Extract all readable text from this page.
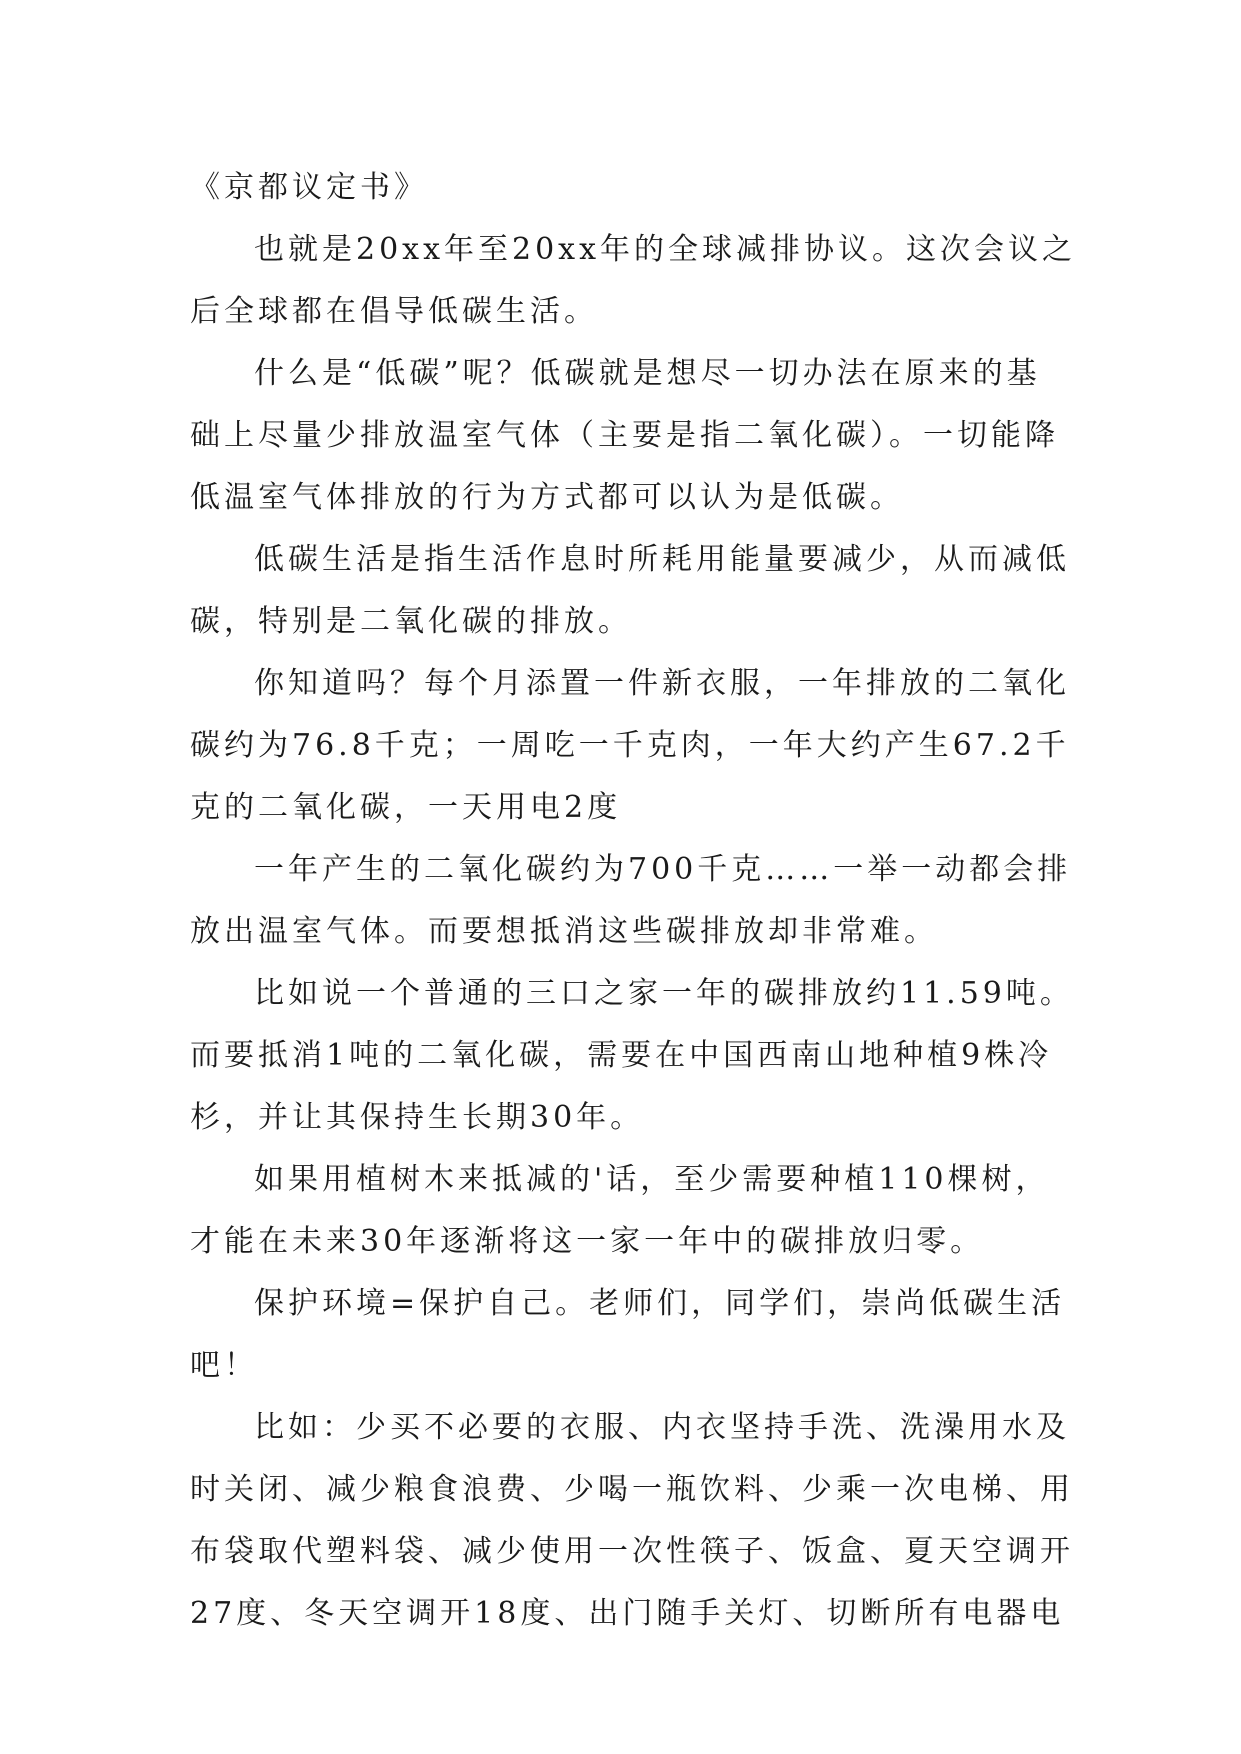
《京都议定书》
也就是20xx年至20xx年的全球减排协议。这次会议之
后全球都在倡导低碳生活。
什么是“低碳”呢？低碳就是想尽一切办法在原来的基
础上尽量少排放温室气体（主要是指二氧化碳）。一切能降
低温室气体排放的行为方式都可以认为是低碳。
低碳生活是指生活作息时所耗用能量要减少，从而减低
碳，特别是二氧化碳的排放。
你知道吗？每个月添置一件新衣服，一年排放的二氧化
碳约为76.8千克；一周吃一千克肉，一年大约产生67.2千
克的二氧化碳，一天用电2度
一年产生的二氧化碳约为700千克……一举一动都会排
放出温室气体。而要想抵消这些碳排放却非常难。
比如说一个普通的三口之家一年的碳排放约11.59吨。
而要抵消1吨的二氧化碳，需要在中国西南山地种植9株冷
杉，并让其保持生长期30年。
如果用植树木来抵减的'话，至少需要种植110棵树，
才能在未来30年逐渐将这一家一年中的碳排放归零。
保护环境=保护自己。老师们，同学们，崇尚低碳生活
吧！
比如：少买不必要的衣服、内衣坚持手洗、洗澡用水及
时关闭、减少粮食浪费、少喝一瓶饮料、少乘一次电梯、用
布袋取代塑料袋、减少使用一次性筷子、饭盒、夏天空调开
27度、冬天空调开18度、出门随手关灯、切断所有电器电
